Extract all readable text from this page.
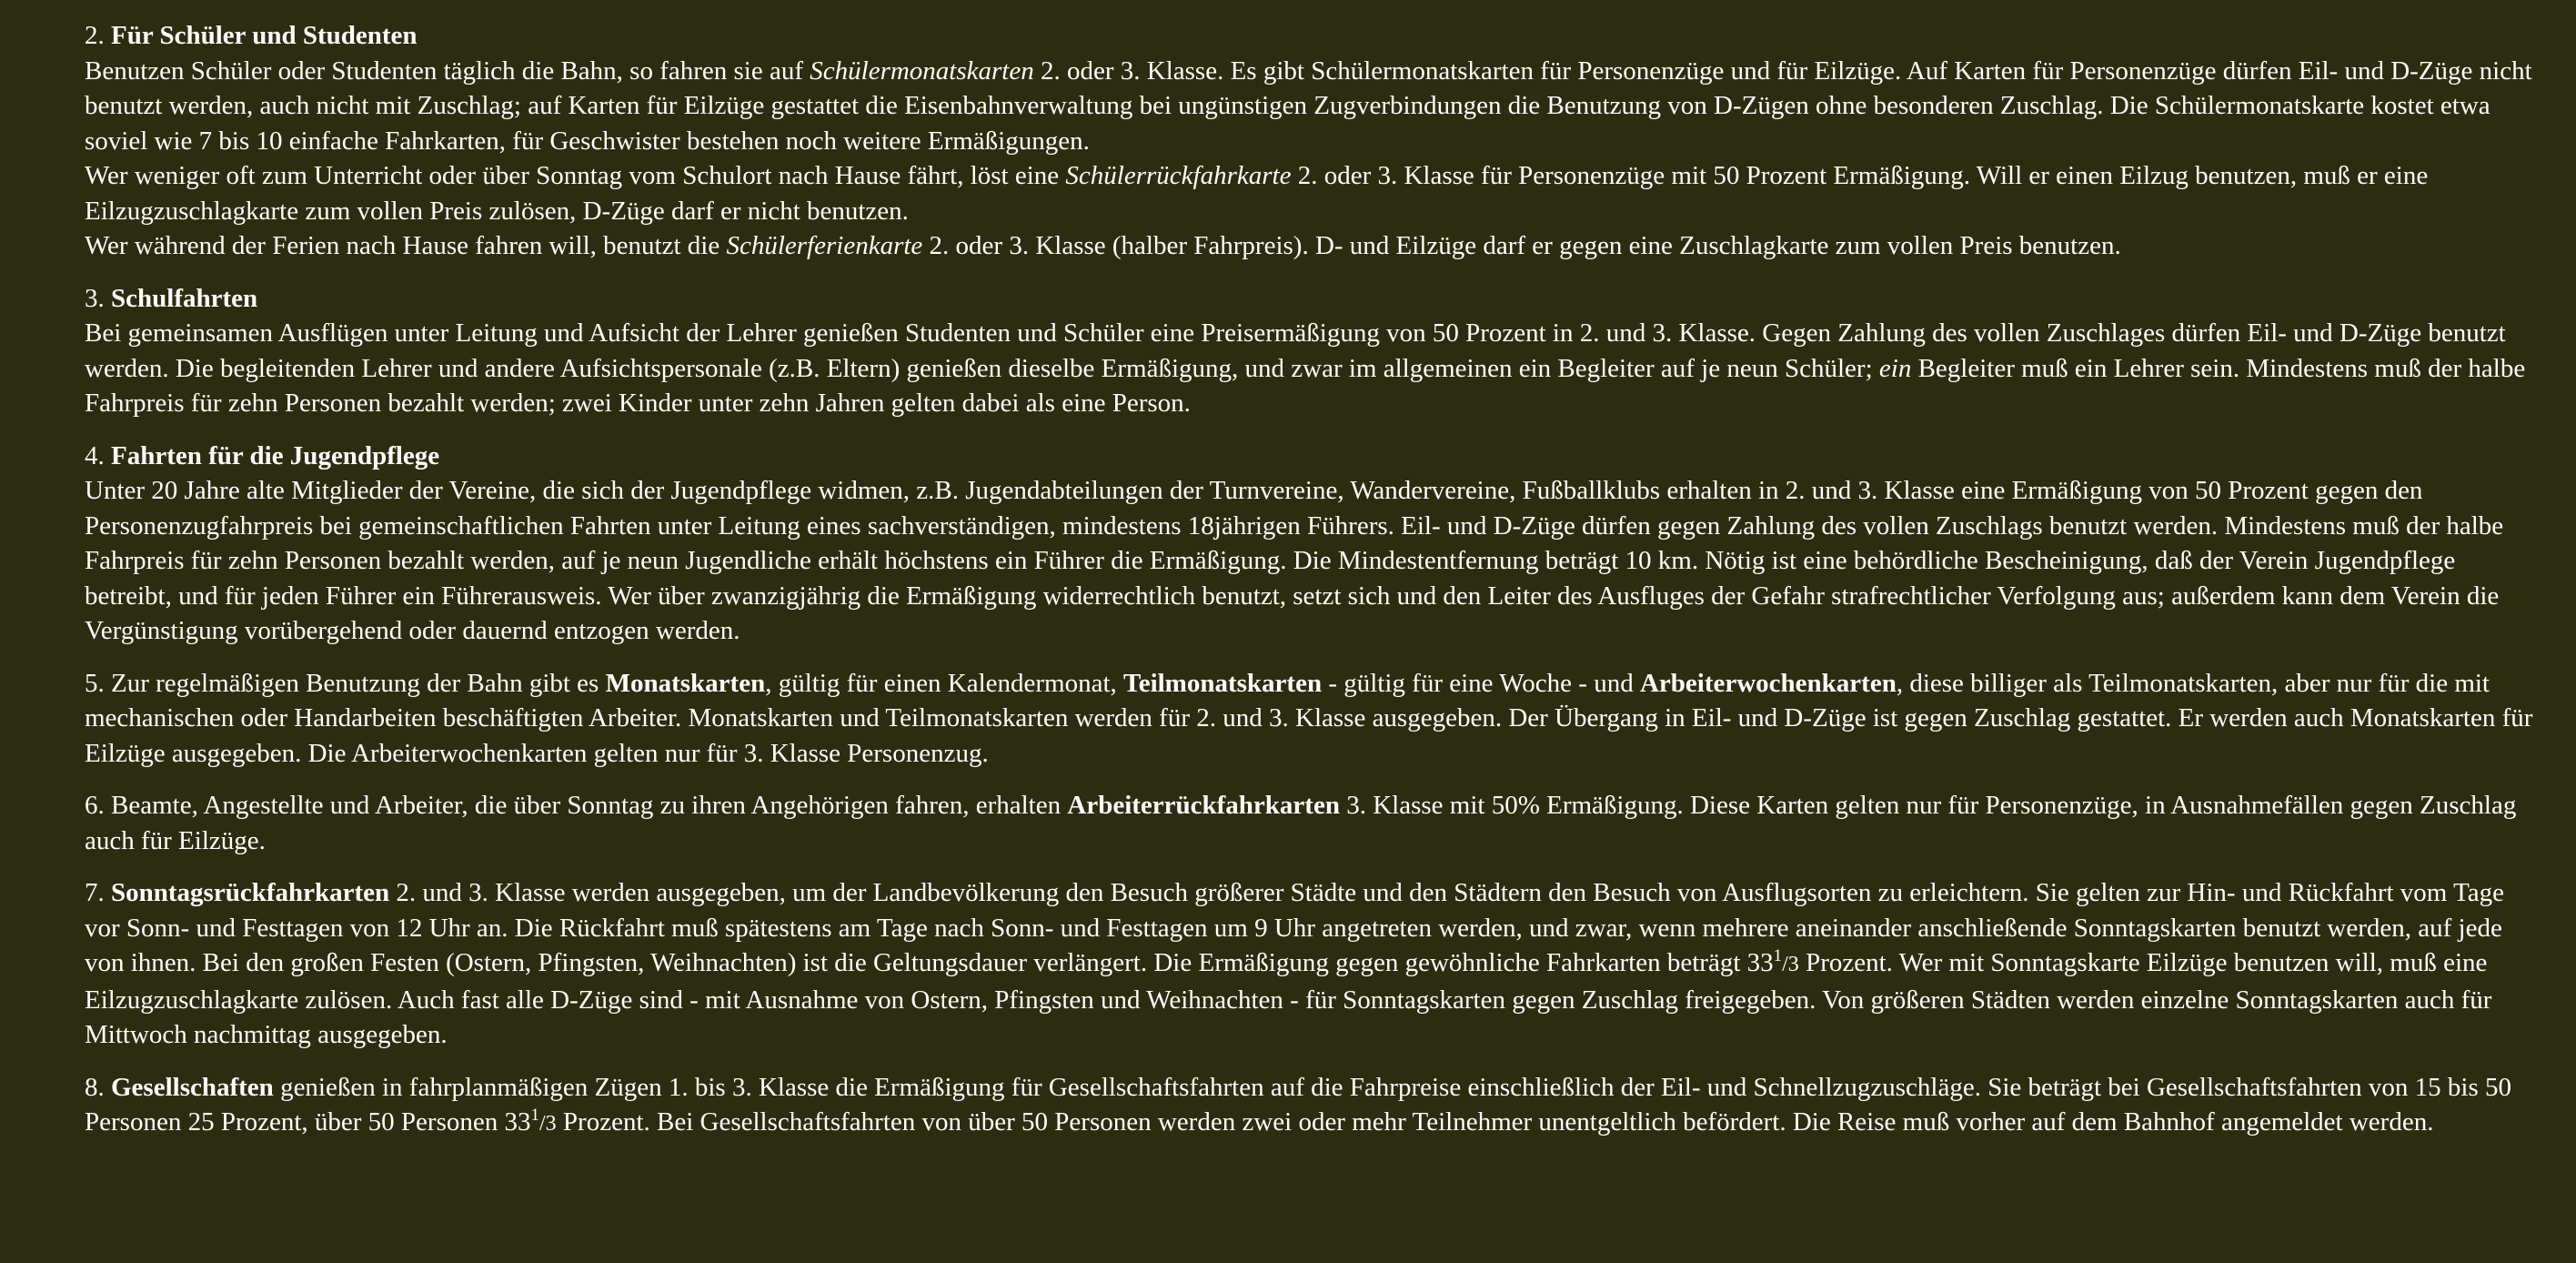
2. Für Schüler und Studenten

Benutzen Schüler oder Studenten täglich die Bahn, so fahren sie auf Schülermonatskarten 2. oder 3. Klasse. Es gibt Schülermonatskarten für Personenzüge und für Eilzüge. Auf Karten für Personenzüge dürfen Eil- und D-Züge nicht benutzt werden, auch nicht mit Zuschlag; auf Karten für Eilzüge gestattet die Eisenbahnverwaltung bei ungünstigen Zugverbindungen die Benutzung von D-Zügen ohne besonderen Zuschlag. Die Schülermonatskarte kostet etwa soviel wie 7 bis 10 einfache Fahrkarten, für Geschwister bestehen noch weitere Ermäßigungen.

Wer weniger oft zum Unterricht oder über Sonntag vom Schulort nach Hause fährt, löst eine Schülerrückfahrkarte 2. oder 3. Klasse für Personenzüge mit 50 Prozent Ermäßigung. Will er einen Eilzug benutzen, muß er eine Eilzugzuschlagkarte zum vollen Preis zulösen, D-Züge darf er nicht benutzen.

Wer während der Ferien nach Hause fahren will, benutzt die Schülerferienkarte 2. oder 3. Klasse (halber Fahrpreis). D- und Eilzüge darf er gegen eine Zuschlagkarte zum vollen Preis benutzen.

3. Schulfahrten

Bei gemeinsamen Ausflügen unter Leitung und Aufsicht der Lehrer genießen Studenten und Schüler eine Preisermäßigung von 50 Prozent in 2. und 3. Klasse. Gegen Zahlung des vollen Zuschlages dürfen Eil- und D-Züge benutzt werden. Die begleitenden Lehrer und andere Aufsichtspersonale (z.B. Eltern) genießen dieselbe Ermäßigung, und zwar im allgemeinen ein Begleiter auf je neun Schüler; ein Begleiter muß ein Lehrer sein. Mindestens muß der halbe Fahrpreis für zehn Personen bezahlt werden; zwei Kinder unter zehn Jahren gelten dabei als eine Person.

4. Fahrten für die Jugendpflege

Unter 20 Jahre alte Mitglieder der Vereine, die sich der Jugendpflege widmen, z.B. Jugendabteilungen der Turnvereine, Wandervereine, Fußballklubs erhalten in 2. und 3. Klasse eine Ermäßigung von 50 Prozent gegen den Personenzugfahrpreis bei gemeinschaftlichen Fahrten unter Leitung eines sachverständigen, mindestens 18jährigen Führers. Eil- und D-Züge dürfen gegen Zahlung des vollen Zuschlags benutzt werden. Mindestens muß der halbe Fahrpreis für zehn Personen bezahlt werden, auf je neun Jugendliche erhält höchstens ein Führer die Ermäßigung. Die Mindestentfernung beträgt 10 km. Nötig ist eine behördliche Bescheinigung, daß der Verein Jugendpflege betreibt, und für jeden Führer ein Führerausweis. Wer über zwanzigjährig die Ermäßigung widerrechtlich benutzt, setzt sich und den Leiter des Ausfluges der Gefahr strafrechtlicher Verfolgung aus; außerdem kann dem Verein die Vergünstigung vorübergehend oder dauernd entzogen werden.

5. Zur regelmäßigen Benutzung der Bahn gibt es Monatskarten, gültig für einen Kalendermonat, Teilmonatskarten - gültig für eine Woche - und Arbeiterwochenkarten, diese billiger als Teilmonatskarten, aber nur für die mit mechanischen oder Handarbeiten beschäftigten Arbeiter. Monatskarten und Teilmonatskarten werden für 2. und 3. Klasse ausgegeben. Der Übergang in Eil- und D-Züge ist gegen Zuschlag gestattet. Er werden auch Monatskarten für Eilzüge ausgegeben. Die Arbeiterwochenkarten gelten nur für 3. Klasse Personenzug.

6. Beamte, Angestellte und Arbeiter, die über Sonntag zu ihren Angehörigen fahren, erhalten Arbeiterrückfahrkarten 3. Klasse mit 50% Ermäßigung. Diese Karten gelten nur für Personenzüge, in Ausnahmefällen gegen Zuschlag auch für Eilzüge.

7. Sonntagsrückfahrkarten 2. und 3. Klasse werden ausgegeben, um der Landbevölkerung den Besuch größerer Städte und den Städtern den Besuch von Ausflugsorten zu erleichtern. Sie gelten zur Hin- und Rückfahrt vom Tage vor Sonn- und Festtagen von 12 Uhr an. Die Rückfahrt muß spätestens am Tage nach Sonn- und Festtagen um 9 Uhr angetreten werden, und zwar, wenn mehrere aneinander anschließende Sonntagskarten benutzt werden, auf jede von ihnen. Bei den großen Festen (Ostern, Pfingsten, Weihnachten) ist die Geltungsdauer verlängert. Die Ermäßigung gegen gewöhnliche Fahrkarten beträgt $33^1/3$ Prozent. Wer mit Sonntagskarte Eilzüge benutzen will, muß eine Eilzugzuschlagkarte zulösen. Auch fast alle D-Züge sind - mit Ausnahme von Ostern, Pfingsten und Weihnachten - für Sonntagskarten gegen Zuschlag freigegeben. Von größeren Städten werden einzelne Sonntagskarten auch für Mittwoch nachmittag ausgegeben.

8. Gesellschaften genießen in fahrplanmäßigen Zügen 1. bis 3. Klasse die Ermäßigung für Gesellschaftsfahrten auf die Fahrpreise einschließlich der Eil- und Schnellzugzuschläge. Sie beträgt bei Gesellschaftsfahrten von 15 bis 50 Personen 25 Prozent, über 50 Personen $33^1/3$ Prozent. Bei Gesellschaftsfahrten von über 50 Personen werden zwei oder mehr Teilnehmer unentgeltlich befördert. Die Reise muß vorher auf dem Bahnhof angemeldet werden.
